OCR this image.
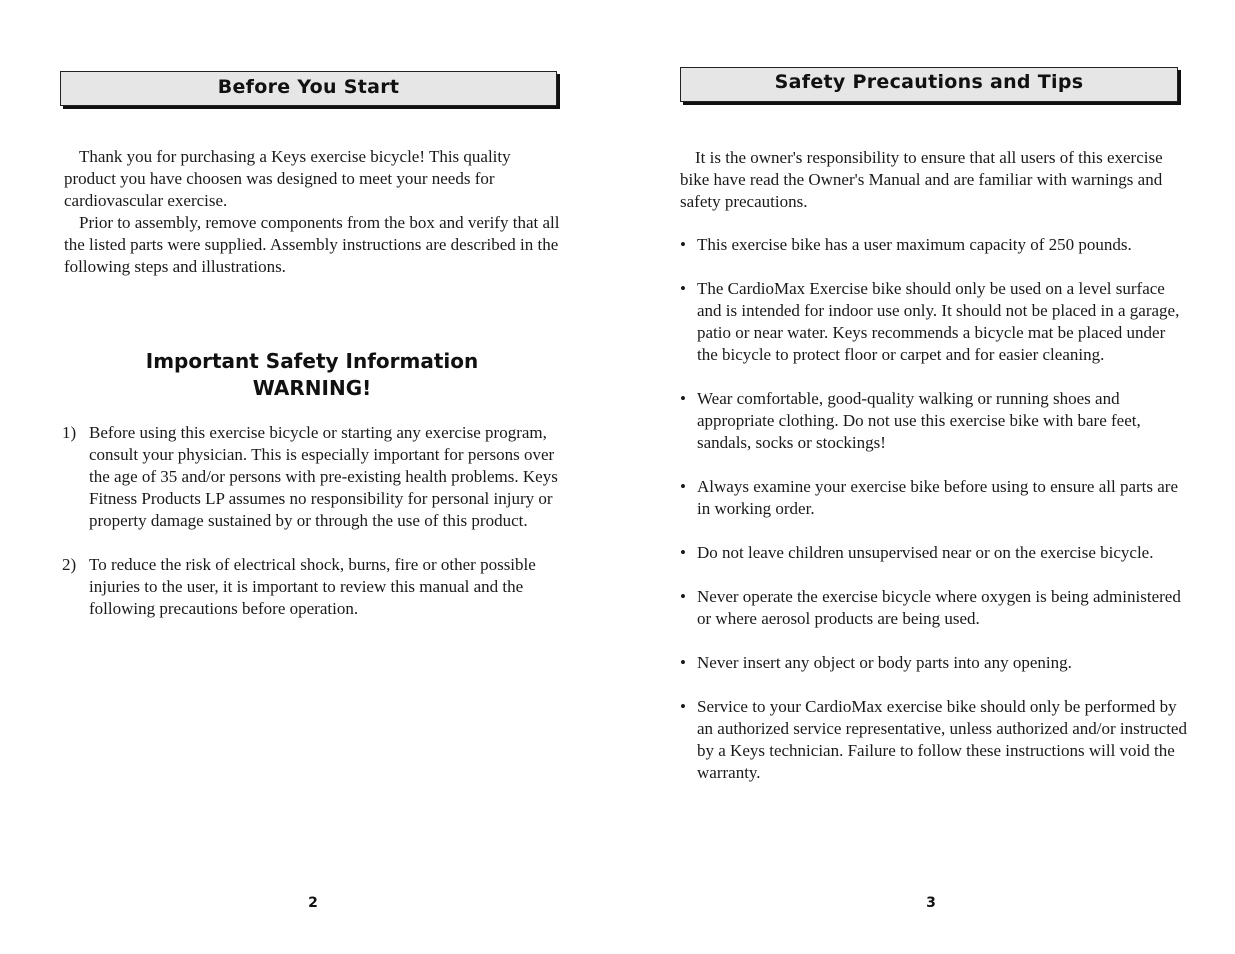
Before You Start

Thank you for purchasing a Keys exercise bicycle! This quality product you have choosen was designed to meet your needs for cardiovascular exercise.

Prior to assembly, remove components from the box and verify that all the listed parts were supplied. Assembly instructions are described in the following steps and illustrations.

Important Safety Information
WARNING!
1) Before using this exercise bicycle or starting any exercise program, consult your physician. This is especially important for persons over the age of 35 and/or persons with pre-existing health problems. Keys Fitness Products LP assumes no responsibility for personal injury or property damage sustained by or through the use of this product.
2) To reduce the risk of electrical shock, burns, fire or other possible injuries to the user, it is important to review this manual and the following precautions before operation.
2
Safety Precautions and Tips

It is the owner's responsibility to ensure that all users of this exercise bike have read the Owner's Manual and are familiar with warnings and safety precautions.

• This exercise bike has a user maximum capacity of 250 pounds.
• The CardioMax Exercise bike should only be used on a level surface and is intended for indoor use only. It should not be placed in a garage, patio or near water. Keys recommends a bicycle mat be placed under the bicycle to protect floor or carpet and for easier cleaning.
• Wear comfortable, good-quality walking or running shoes and appropriate clothing. Do not use this exercise bike with bare feet, sandals, socks or stockings!
• Always examine your exercise bike before using to ensure all parts are in working order.
• Do not leave children unsupervised near or on the exercise bicycle.
• Never operate the exercise bicycle where oxygen is being administered or where aerosol products are being used.
• Never insert any object or body parts into any opening.
• Service to your CardioMax exercise bike should only be performed by an authorized service representative, unless authorized and/or instructed by a Keys technician. Failure to follow these instructions will void the warranty.
3
